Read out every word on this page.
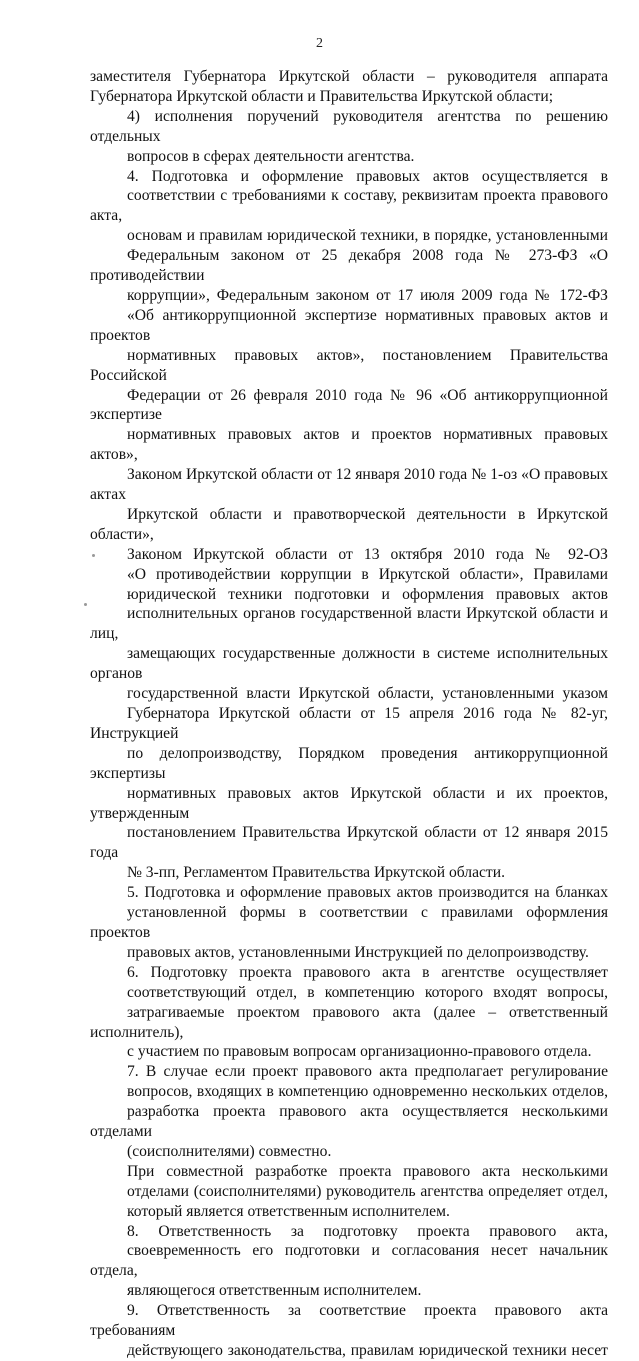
2
заместителя Губернатора Иркутской области – руководителя аппарата
Губернатора Иркутской области и Правительства Иркутской области;
4) исполнения поручений руководителя агентства по решению отдельных
вопросов в сферах деятельности агентства.
4. Подготовка и оформление правовых актов осуществляется в
соответствии с требованиями к составу, реквизитам проекта правового акта,
основам и правилам юридической техники, в порядке, установленными
Федеральным законом от 25 декабря 2008 года № 273-ФЗ «О противодействии
коррупции», Федеральным законом от 17 июля 2009 года № 172-ФЗ
«Об антикоррупционной экспертизе нормативных правовых актов и проектов
нормативных правовых актов», постановлением Правительства Российской
Федерации от 26 февраля 2010 года № 96 «Об антикоррупционной экспертизе
нормативных правовых актов и проектов нормативных правовых актов»,
Законом Иркутской области от 12 января 2010 года № 1-оз «О правовых актах
Иркутской области и правотворческой деятельности в Иркутской области»,
Законом Иркутской области от 13 октября 2010 года № 92-ОЗ
«О противодействии коррупции в Иркутской области», Правилами
юридической техники подготовки и оформления правовых актов
исполнительных органов государственной власти Иркутской области и лиц,
замещающих государственные должности в системе исполнительных органов
государственной власти Иркутской области, установленными указом
Губернатора Иркутской области от 15 апреля 2016 года № 82-уг, Инструкцией
по делопроизводству, Порядком проведения антикоррупционной экспертизы
нормативных правовых актов Иркутской области и их проектов, утвержденным
постановлением Правительства Иркутской области от 12 января 2015 года
№ 3-пп, Регламентом Правительства Иркутской области.
5. Подготовка и оформление правовых актов производится на бланках
установленной формы в соответствии с правилами оформления проектов
правовых актов, установленными Инструкцией по делопроизводству.
6. Подготовку проекта правового акта в агентстве осуществляет
соответствующий отдел, в компетенцию которого входят вопросы,
затрагиваемые проектом правового акта (далее – ответственный исполнитель),
с участием по правовым вопросам организационно-правового отдела.
7. В случае если проект правового акта предполагает регулирование
вопросов, входящих в компетенцию одновременно нескольких отделов,
разработка проекта правового акта осуществляется несколькими отделами
(соисполнителями) совместно.
При совместной разработке проекта правового акта несколькими
отделами (соисполнителями) руководитель агентства определяет отдел,
который является ответственным исполнителем.
8. Ответственность за подготовку проекта правового акта,
своевременность его подготовки и согласования несет начальник отдела,
являющегося ответственным исполнителем.
9. Ответственность за соответствие проекта правового акта требованиям
действующего законодательства, правилам юридической техники несет
